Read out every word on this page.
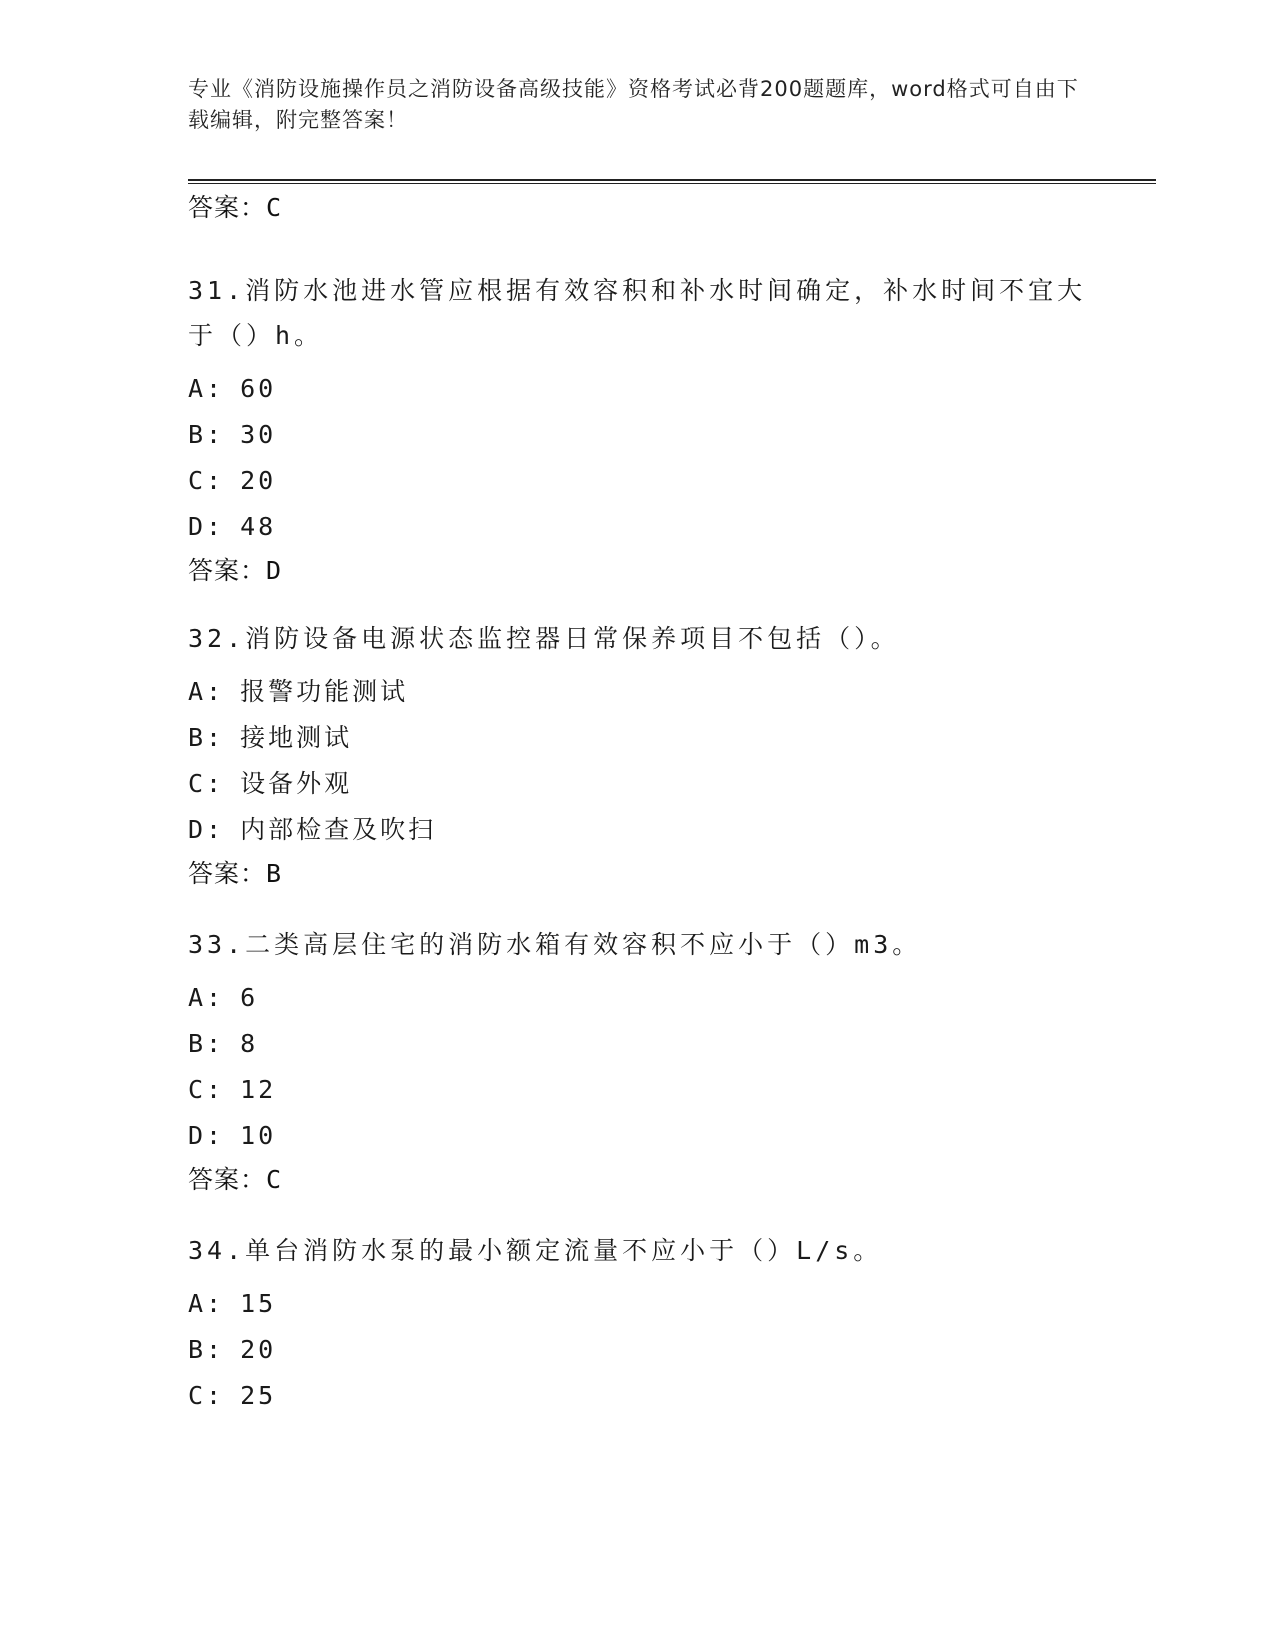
专业《消防设施操作员之消防设备高级技能》资格考试必背200题题库，word格式可自由下载编辑，附完整答案！
答案：C
31.消防水池进水管应根据有效容积和补水时间确定，补水时间不宜大于（）h。
A: 60
B: 30
C: 20
D: 48
答案：D
32.消防设备电源状态监控器日常保养项目不包括（）。
A: 报警功能测试
B: 接地测试
C: 设备外观
D: 内部检查及吹扫
答案：B
33.二类高层住宅的消防水箱有效容积不应小于（）m3。
A: 6
B: 8
C: 12
D: 10
答案：C
34.单台消防水泵的最小额定流量不应小于（）L/s。
A: 15
B: 20
C: 25
